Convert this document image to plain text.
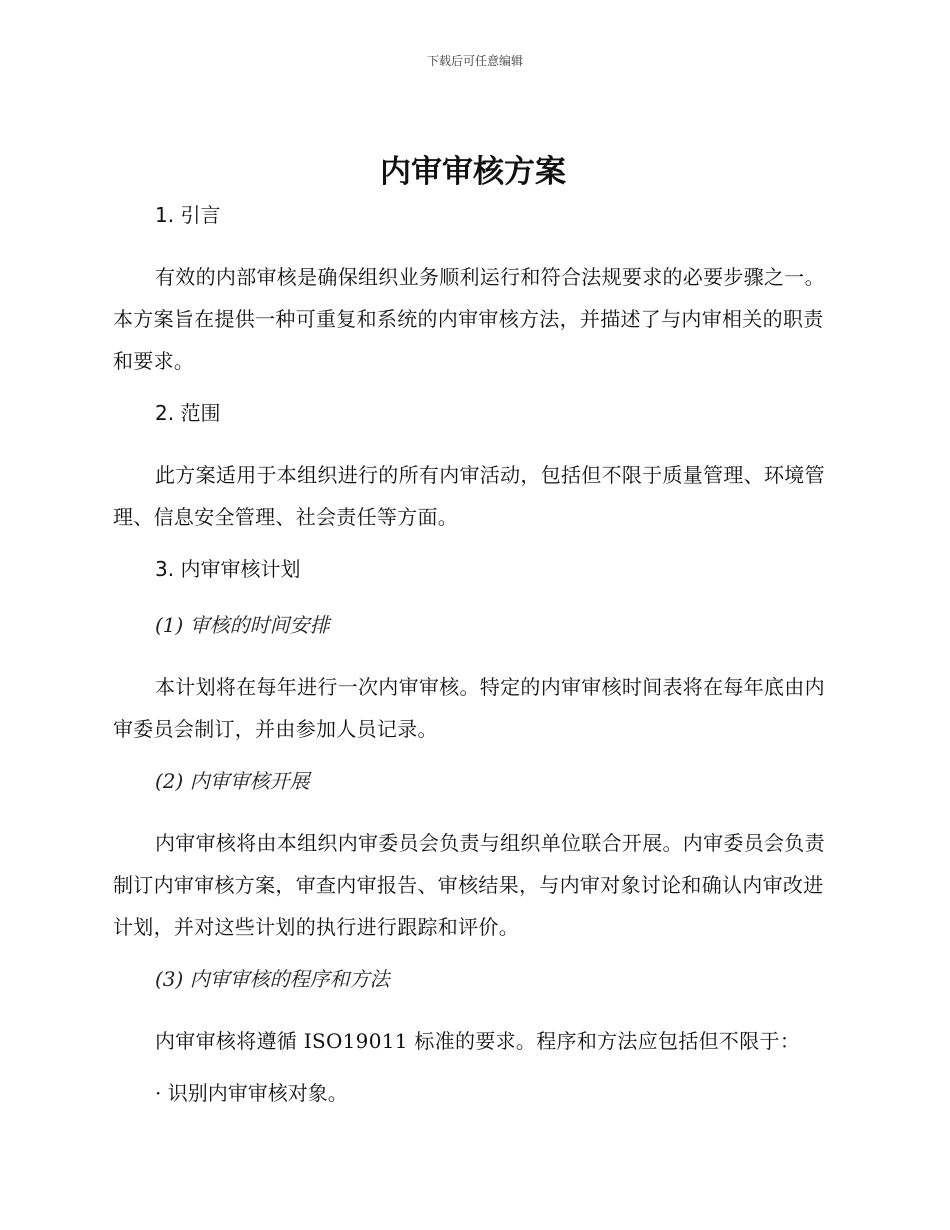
下载后可任意编辑
内审审核方案
1. 引言

有效的内部审核是确保组织业务顺利运行和符合法规要求的必要步骤之一。本方案旨在提供一种可重复和系统的内审审核方法，并描述了与内审相关的职责和要求。

2. 范围

此方案适用于本组织进行的所有内审活动，包括但不限于质量管理、环境管理、信息安全管理、社会责任等方面。

3. 内审审核计划
(1) 审核的时间安排

本计划将在每年进行一次内审审核。特定的内审审核时间表将在每年底由内审委员会制订，并由参加人员记录。

(2) 内审审核开展

内审审核将由本组织内审委员会负责与组织单位联合开展。内审委员会负责制订内审审核方案，审查内审报告、审核结果，与内审对象讨论和确认内审改进计划，并对这些计划的执行进行跟踪和评价。

(3) 内审审核的程序和方法

内审审核将遵循 ISO19011 标准的要求。程序和方法应包括但不限于：

· 识别内审审核对象。
